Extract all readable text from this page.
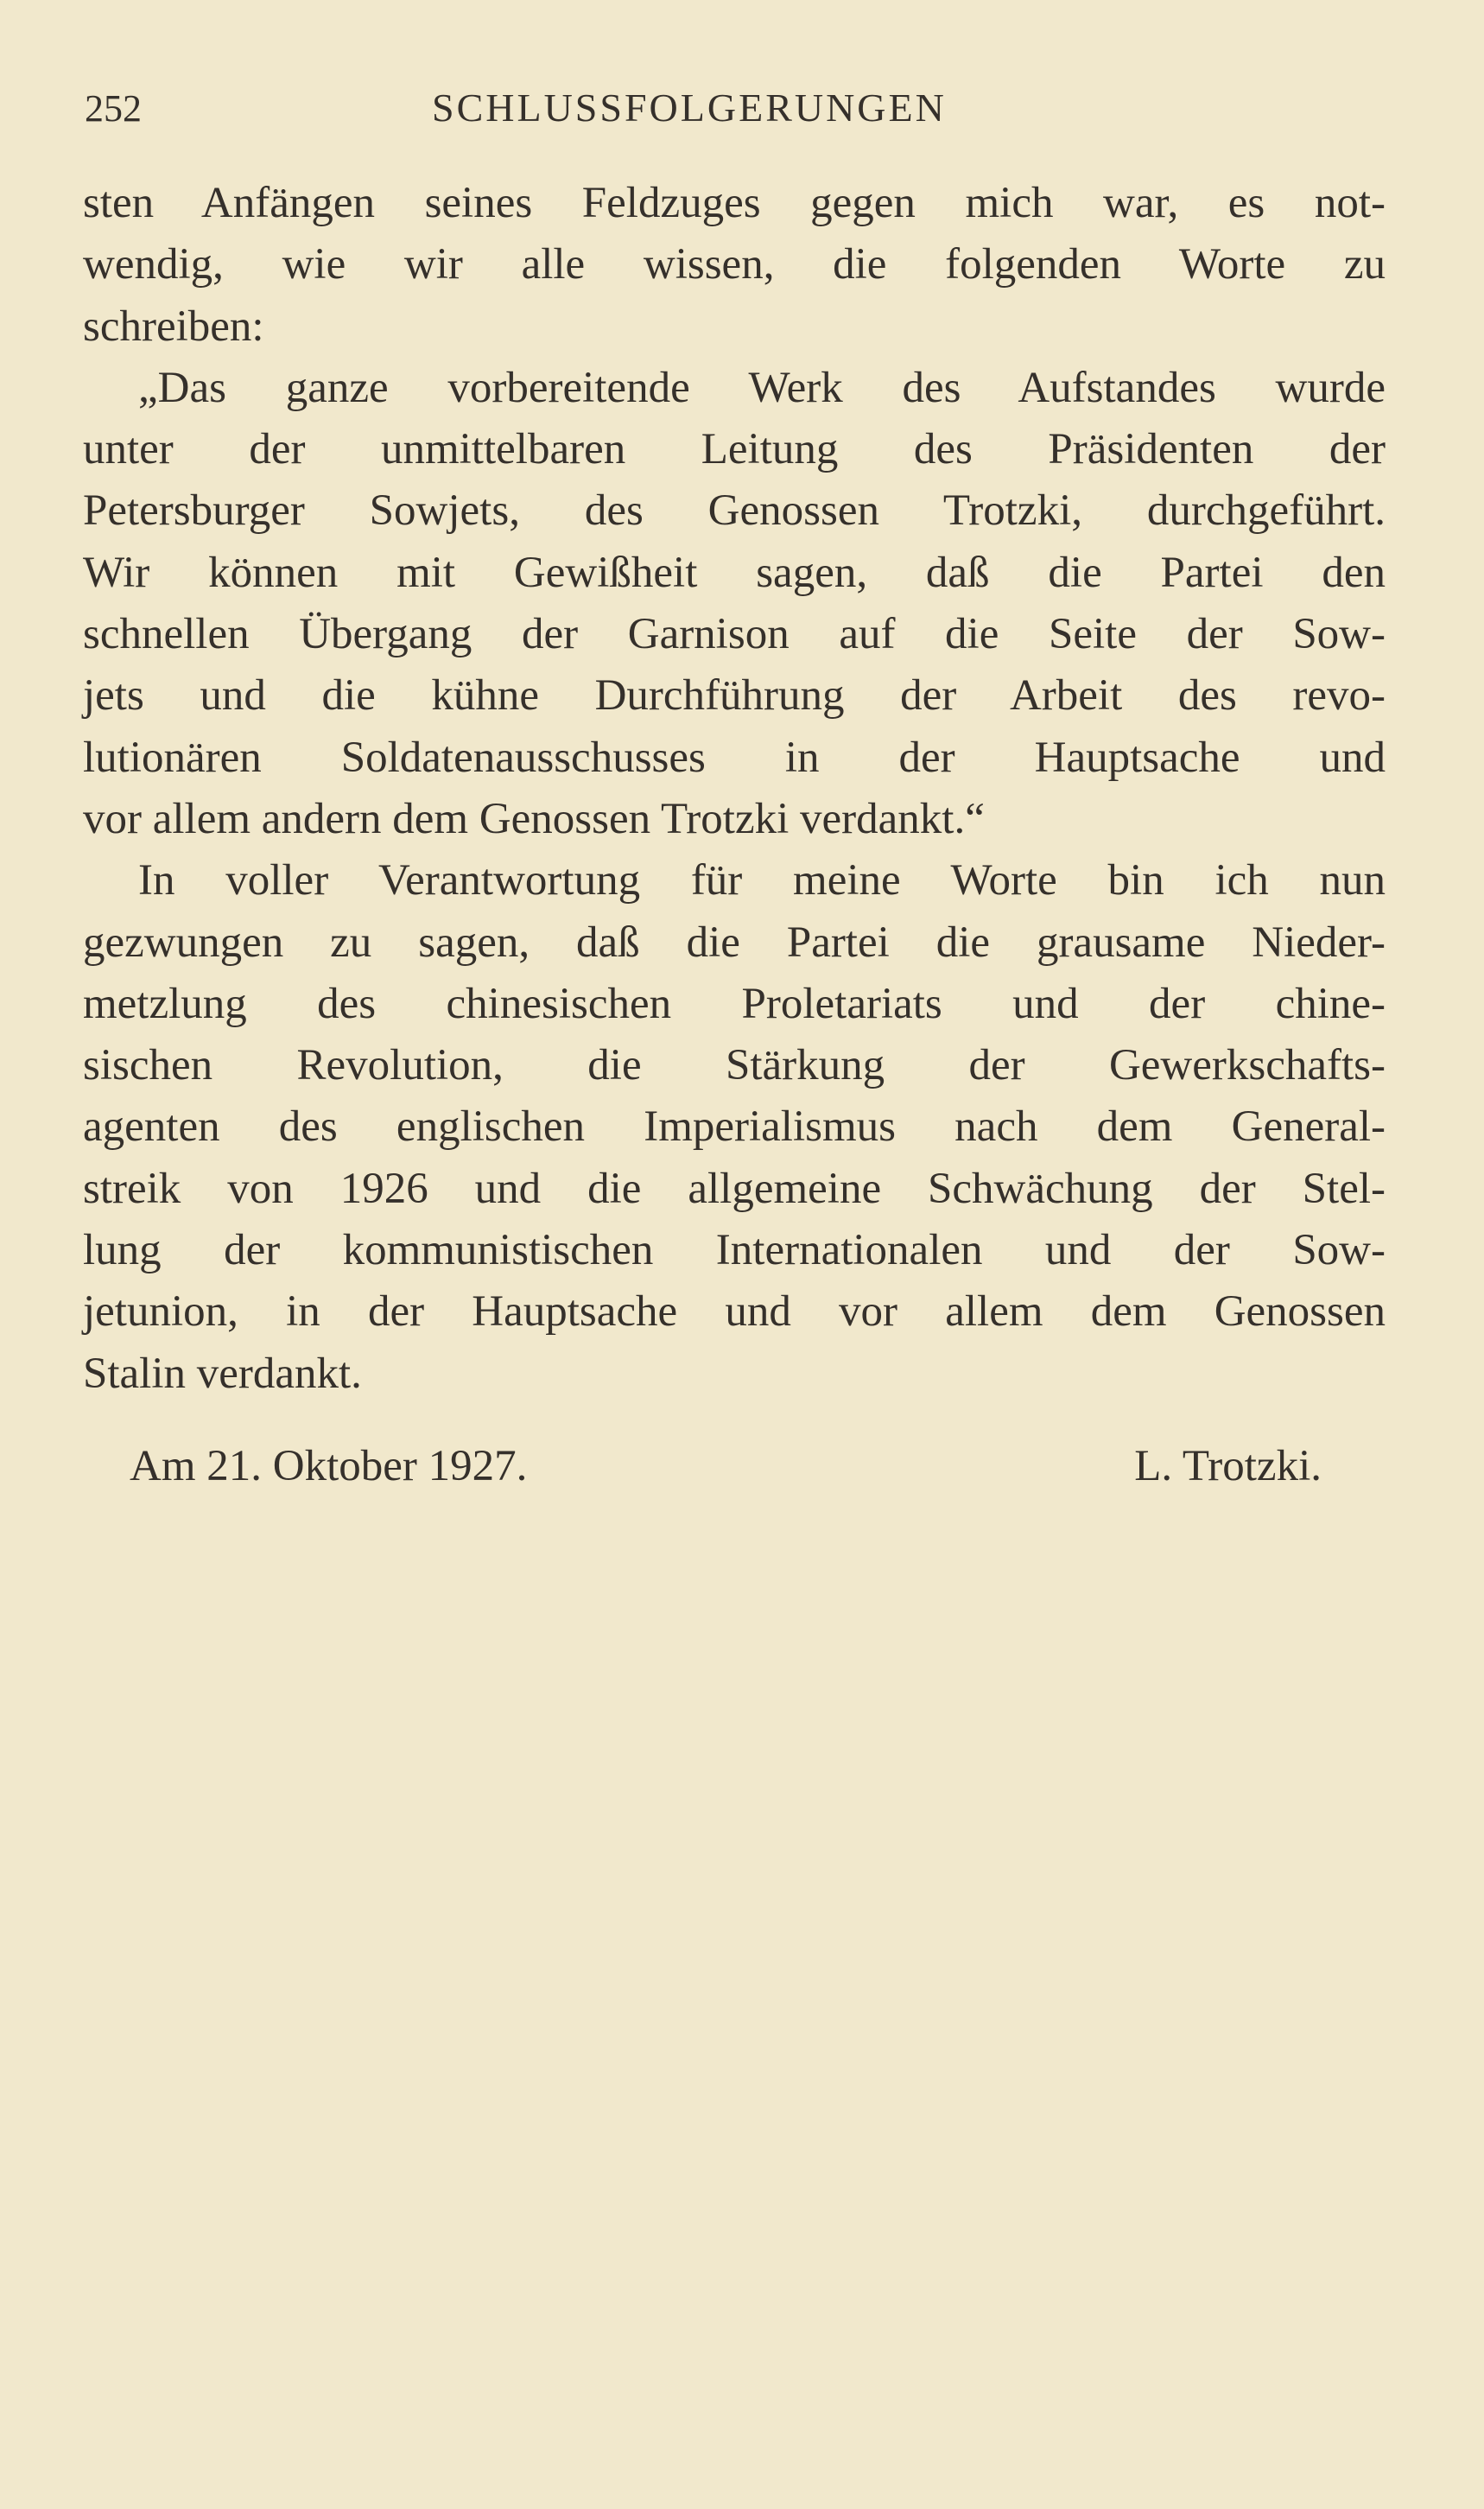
252	SCHLUSSFOLGERUNGEN
sten Anfängen seines Feldzuges gegen mich war, es not-
wendig, wie wir alle wissen, die folgenden Worte zu
schreiben:
„Das ganze vorbereitende Werk des Aufstandes wurde
unter der unmittelbaren Leitung des Präsidenten der
Petersburger Sowjets, des Genossen Trotzki, durchgeführt.
Wir können mit Gewißheit sagen, daß die Partei den
schnellen Übergang der Garnison auf die Seite der Sow-
jets und die kühne Durchführung der Arbeit des revo-
lutionären Soldatenausschusses in der Hauptsache und
vor allem andern dem Genossen Trotzki verdankt.“
In voller Verantwortung für meine Worte bin ich nun
gezwungen zu sagen, daß die Partei die grausame Nieder-
metzlung des chinesischen Proletariats und der chine-
sischen Revolution, die Stärkung der Gewerkschafts-
agenten des englischen Imperialismus nach dem General-
streik von 1926 und die allgemeine Schwächung der Stel-
lung der kommunistischen Internationalen und der Sow-
jetunion, in der Hauptsache und vor allem dem Genossen
Stalin verdankt.
Am 21. Oktober 1927.	L. Trotzki.
